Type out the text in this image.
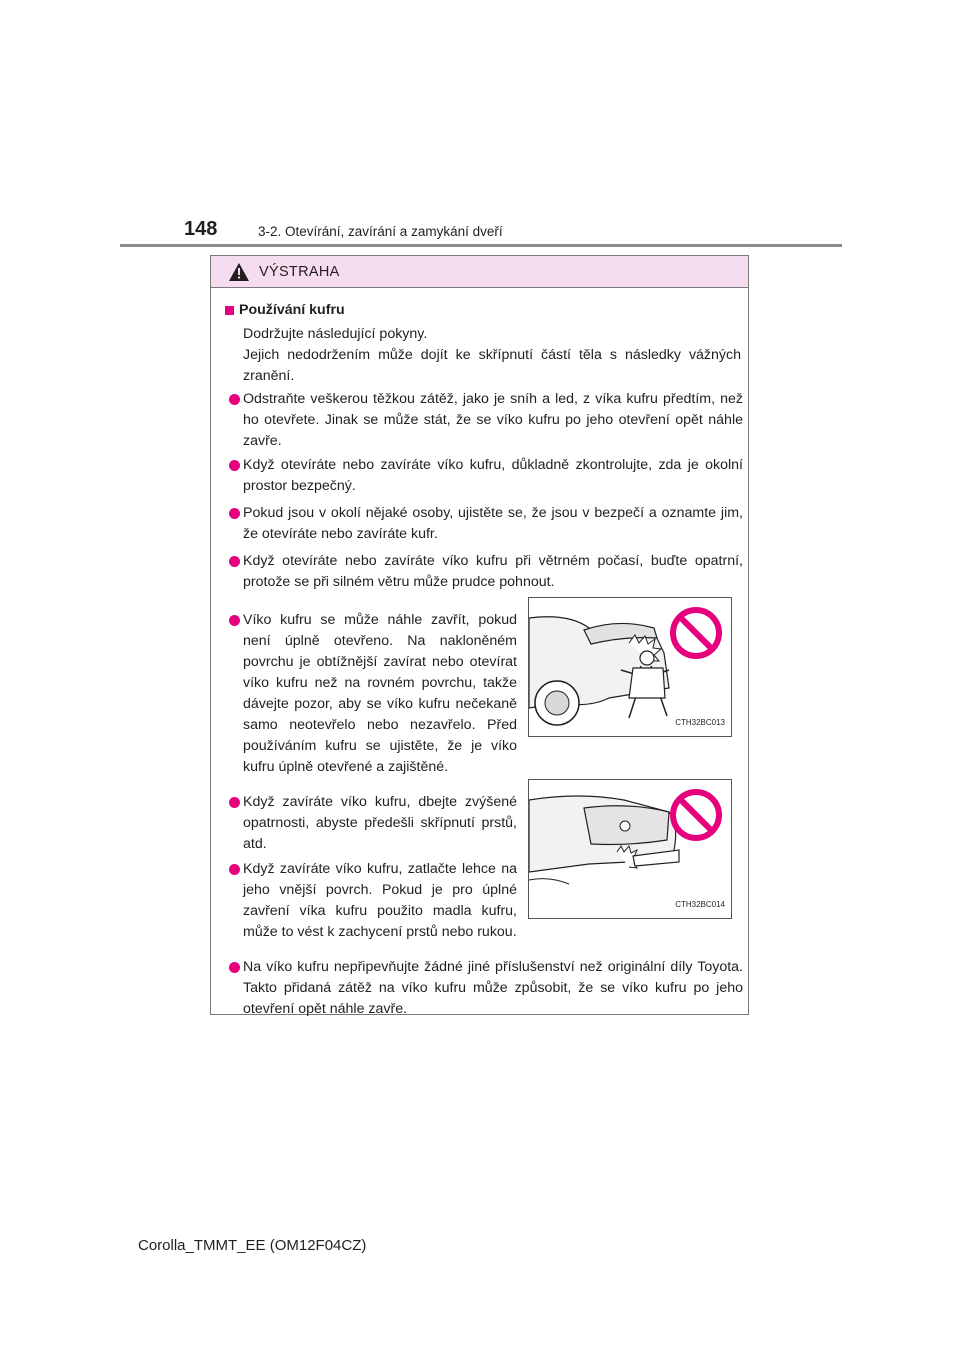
148	3-2. Otevírání, zavírání a zamykání dveří
VÝSTRAHA
Používání kufru
Dodržujte následující pokyny.
Jejich nedodržením může dojít ke skřípnutí částí těla s následky vážných zranění.
Odstraňte veškerou těžkou zátěž, jako je sníh a led, z víka kufru předtím, než ho otevřete. Jinak se může stát, že se víko kufru po jeho otevření opět náhle zavře.
Když otevíráte nebo zavíráte víko kufru, důkladně zkontrolujte, zda je okolní prostor bezpečný.
Pokud jsou v okolí nějaké osoby, ujistěte se, že jsou v bezpečí a oznamte jim, že otevíráte nebo zavíráte kufr.
Když otevíráte nebo zavíráte víko kufru při větrném počasí, buďte opatrní, protože se při silném větru může prudce pohnout.
Víko kufru se může náhle zavřít, pokud není úplně otevřeno. Na nakloněném povrchu je obtížnější zavírat nebo otevírat víko kufru než na rovném povrchu, takže dávejte pozor, aby se víko kufru nečekaně samo neotevřelo nebo nezavřelo. Před používáním kufru se ujistěte, že je víko kufru úplně otevřené a zajištěné.
Když zavíráte víko kufru, dbejte zvýšené opatrnosti, abyste předešli skřípnutí prstů, atd.
Když zavíráte víko kufru, zatlačte lehce na jeho vnější povrch. Pokud je pro úplné zavření víka kufru použito madla kufru, může to vést k zachycení prstů nebo rukou.
Na víko kufru nepřipevňujte žádné jiné příslušenství než originální díly Toyota. Takto přidaná zátěž na víko kufru může způsobit, že se víko kufru po jeho otevření opět náhle zavře.
CTH32BC013
CTH32BC014
Corolla_TMMT_EE (OM12F04CZ)
